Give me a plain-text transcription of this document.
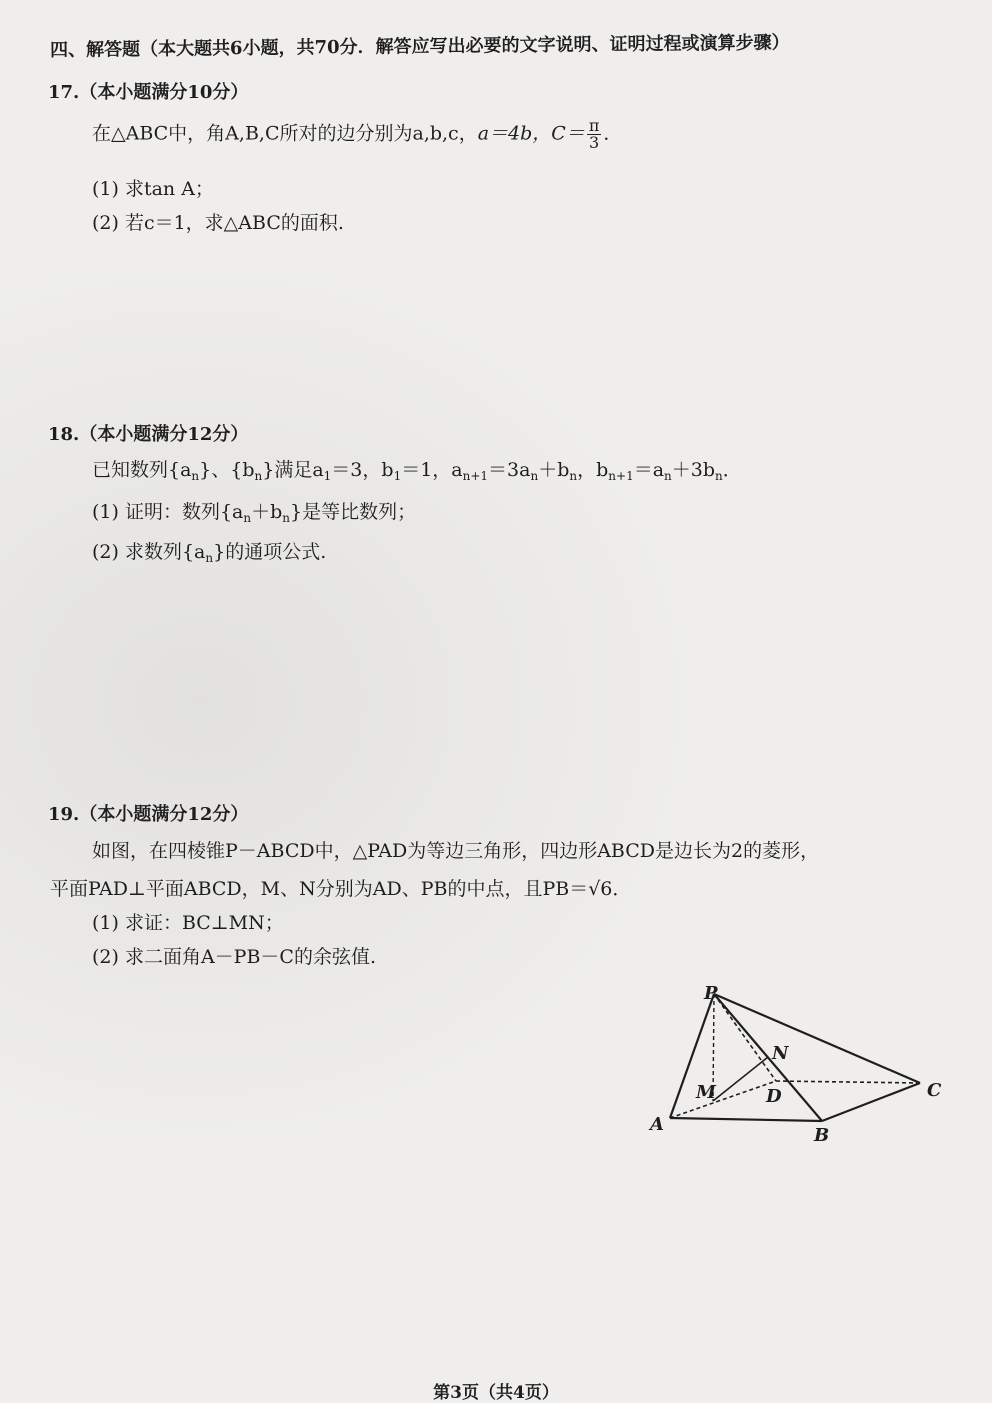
四、解答题（本大题共6小题，共70分．解答应写出必要的文字说明、证明过程或演算步骤）
17.（本小题满分10分）
在△ABC中，角A,B,C所对的边分别为a,b,c，a＝4b，$C= \frac{\pi}{3}$ ．
(1) 求tan A；
(2) 若c＝1，求△ABC的面积.
18.（本小题满分12分）
已知数列$\{a_n\}$、$\{b_n\}$满足$a_1=3$，$b_1=1$，$a_{n+1}=3a_n+b_n$，$b_{n+1}=a_n+3b_n$．
(1) 证明：数列$\{a_n+b_n\}$是等比数列；
(2) 求数列$\{a_n\}$的通项公式.
19.（本小题满分12分）
如图，在四棱锥P－ABCD中，△PAD为等边三角形，四边形ABCD是边长为2的菱形，
平面PAD⊥平面ABCD，M、N分别为AD、PB的中点，且PB＝√6．
(1) 求证：BC⊥MN；
(2) 求二面角A－PB－C的余弦值.
P
N
M	D	C
A
B
第3页（共4页）
